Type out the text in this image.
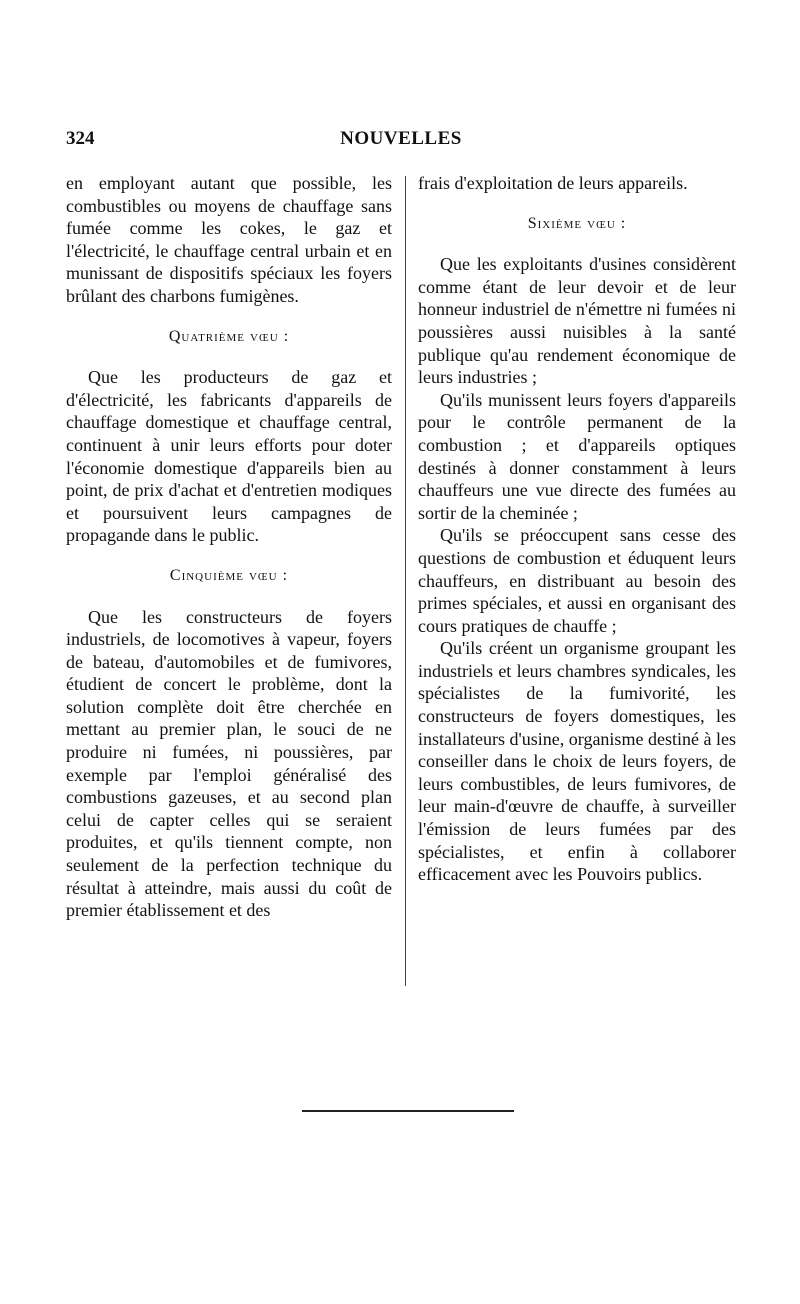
324	NOUVELLES

en employant autant que possible, les combustibles ou moyens de chauffage sans fumée comme les cokes, le gaz et l'électricité, le chauffage central urbain et en munissant de dispositifs spéciaux les foyers brûlant des charbons fumigènes.

Quatrième vœu :

Que les producteurs de gaz et d'électricité, les fabricants d'appareils de chauffage domestique et chauffage central, continuent à unir leurs efforts pour doter l'économie domestique d'appareils bien au point, de prix d'achat et d'entretien modiques et poursuivent leurs campagnes de propagande dans le public.

Cinquième vœu :

Que les constructeurs de foyers industriels, de locomotives à vapeur, foyers de bateau, d'automobiles et de fumivores, étudient de concert le problème, dont la solution complète doit être cherchée en mettant au premier plan, le souci de ne produire ni fumées, ni poussières, par exemple par l'emploi généralisé des combustions gazeuses, et au second plan celui de capter celles qui se seraient produites, et qu'ils tiennent compte, non seulement de la perfection technique du résultat à atteindre, mais aussi du coût de premier établissement et des

frais d'exploitation de leurs appareils.

Sixième vœu :

Que les exploitants d'usines considèrent comme étant de leur devoir et de leur honneur industriel de n'émettre ni fumées ni poussières aussi nuisibles à la santé publique qu'au rendement économique de leurs industries ;

Qu'ils munissent leurs foyers d'appareils pour le contrôle permanent de la combustion ; et d'appareils optiques destinés à donner constamment à leurs chauffeurs une vue directe des fumées au sortir de la cheminée ;

Qu'ils se préoccupent sans cesse des questions de combustion et éduquent leurs chauffeurs, en distribuant au besoin des primes spéciales, et aussi en organisant des cours pratiques de chauffe ;

Qu'ils créent un organisme groupant les industriels et leurs chambres syndicales, les spécialistes de la fumivorité, les constructeurs de foyers domestiques, les installateurs d'usine, organisme destiné à les conseiller dans le choix de leurs foyers, de leurs combustibles, de leurs fumivores, de leur main-d'œuvre de chauffe, à surveiller l'émission de leurs fumées par des spécialistes, et enfin à collaborer efficacement avec les Pouvoirs publics.
